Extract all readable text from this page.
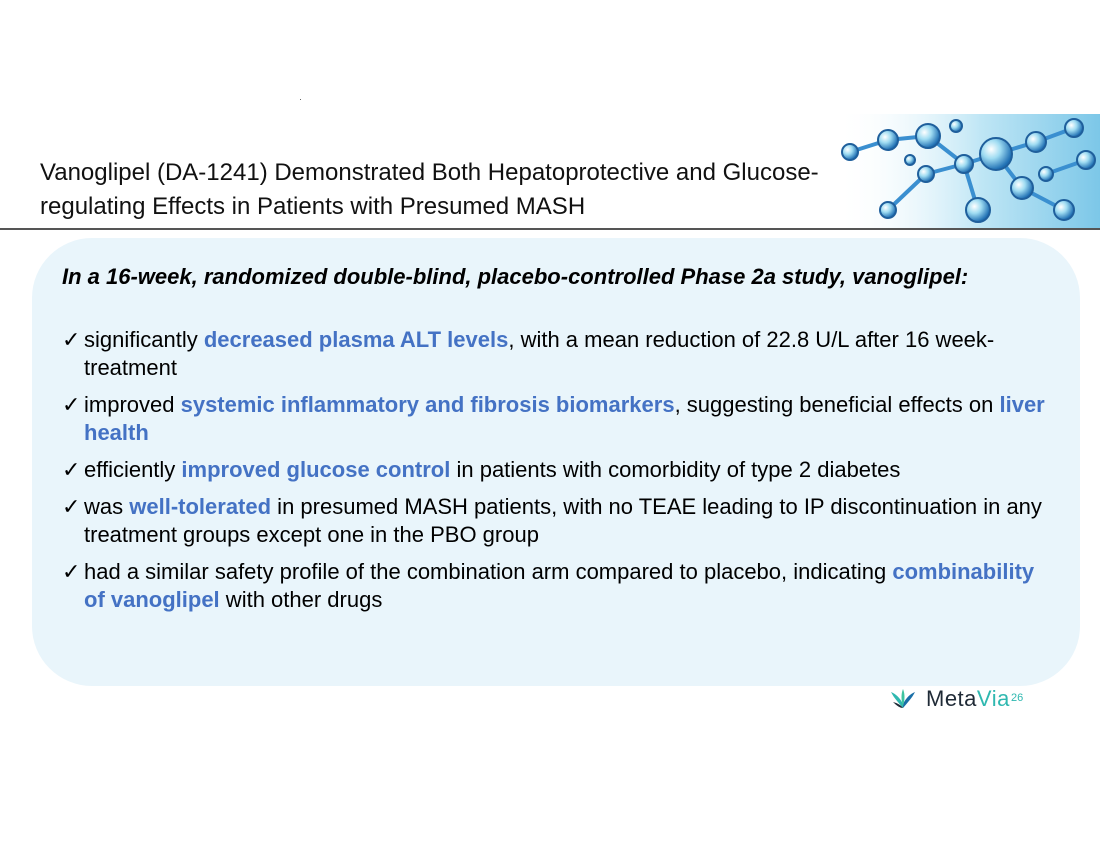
Vanoglipel (DA-1241) Demonstrated Both Hepatoprotective and Glucose-regulating Effects in Patients with Presumed MASH
In a 16-week, randomized double-blind, placebo-controlled Phase 2a study, vanoglipel:
✓ significantly decreased plasma ALT levels, with a mean reduction of 22.8 U/L after 16 week-treatment
✓ improved systemic inflammatory and fibrosis biomarkers, suggesting beneficial effects on liver health
✓ efficiently improved glucose control in patients with comorbidity of type 2 diabetes
✓ was well-tolerated in presumed MASH patients, with no TEAE leading to IP discontinuation in any treatment groups except one in the PBO group
✓ had a similar safety profile of the combination arm compared to placebo, indicating combinability of vanoglipel with other drugs
MetaVia 26
